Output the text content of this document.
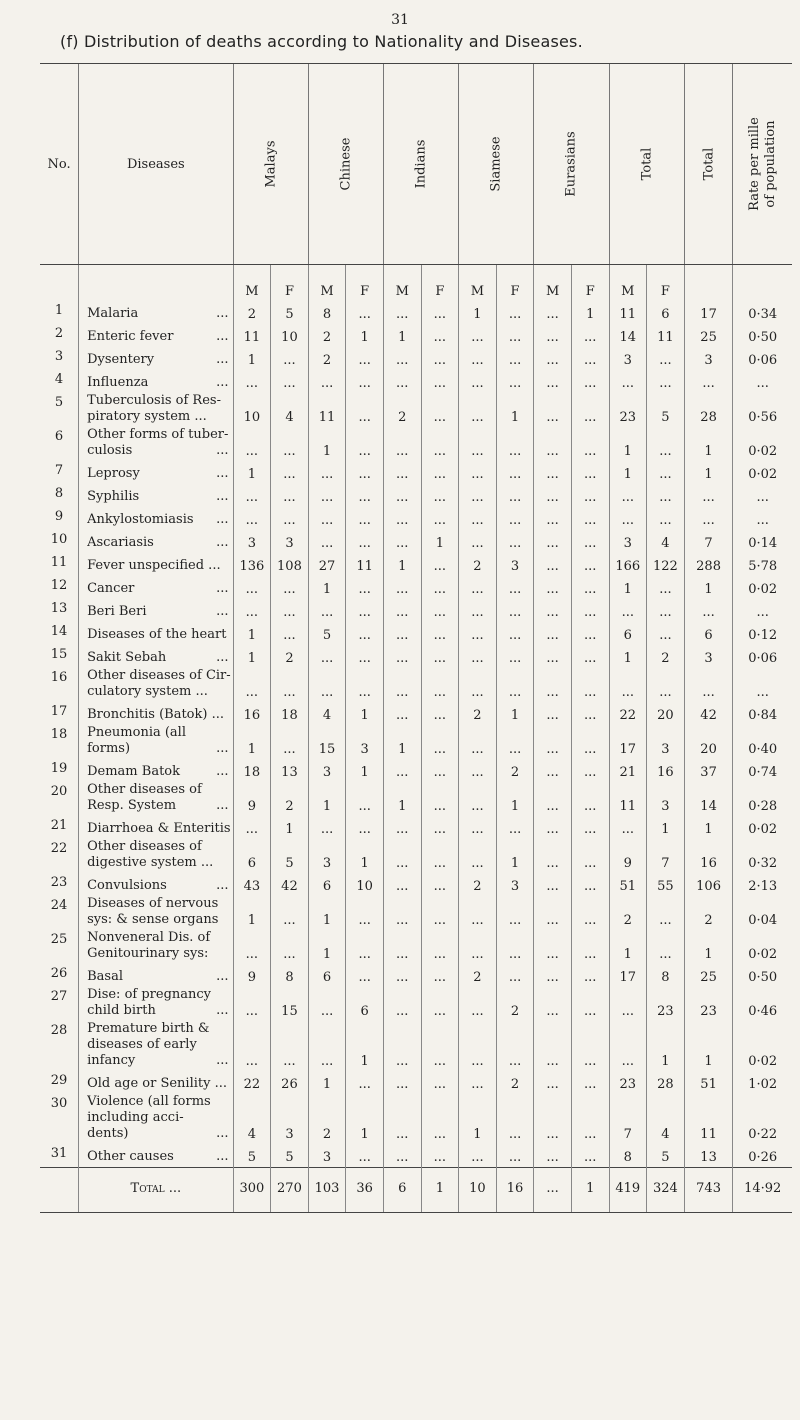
31
(f) Distribution of deaths according to Nationality and Diseases.
No.	Diseases	Malays		Chinese		Indians		Siamese		Eurasians		Total		Total	Rate per mille
of population

		M	F	M	F	M	F	M	F	M	F	M	F		
1	Malaria ...	2	5	8	...	...	...	1	...	...	1	11	6	17	0·34
2	Enteric fever ...	11	10	2	1	1	...	...	...	...	...	14	11	25	0·50
3	Dysentery ...	1	...	2	...	...	...	...	...	...	...	3	...	3	0·06
4	Influenza ...	...	...	...	...	...	...	...	...	...	...	...	...	...	...
5	Tuberculosis of Res-
piratory system ...	10	4	11	...	2	...	...	1	...	...	23	5	28	0·56
6	Other forms of tuber-
culosis ...	...	...	1	...	...	...	...	...	...	...	1	...	1	0·02
7	Leprosy ...	1	...	...	...	...	...	...	...	...	...	1	...	1	0·02
8	Syphilis ...	...	...	...	...	...	...	...	...	...	...	...	...	...	...
9	Ankylostomiasis ...	...	...	...	...	...	...	...	...	...	...	...	...	...	...
10	Ascariasis ...	3	3	...	...	...	1	...	...	...	...	3	4	7	0·14
11	Fever unspecified ...	136	108	27	11	1	...	2	3	...	...	166	122	288	5·78
12	Cancer ...	...	...	1	...	...	...	...	...	...	...	1	...	1	0·02
13	Beri Beri ...	...	...	...	...	...	...	...	...	...	...	...	...	...	...
14	Diseases of the heart	1	...	5	...	...	...	...	...	...	...	6	...	6	0·12
15	Sakit Sebah ...	1	2	...	...	...	...	...	...	...	...	1	2	3	0·06
16	Other diseases of Cir-
culatory system ...	...	...	...	...	...	...	...	...	...	...	...	...	...	...
17	Bronchitis (Batok) ...	16	18	4	1	...	...	2	1	...	...	22	20	42	0·84
18	Pneumonia (all
forms) ...	1	...	15	3	1	...	...	...	...	...	17	3	20	0·40
19	Demam Batok ...	18	13	3	1	...	...	...	2	...	...	21	16	37	0·74
20	Other diseases of
Resp. System ...	9	2	1	...	1	...	...	1	...	...	11	3	14	0·28
21	Diarrhoea & Enteritis	...	1	...	...	...	...	...	...	...	...	...	1	1	0·02
22	Other diseases of
digestive system ...	6	5	3	1	...	...	...	1	...	...	9	7	16	0·32
23	Convulsions ...	43	42	6	10	...	...	2	3	...	...	51	55	106	2·13
24	Diseases of nervous
sys: & sense organs	1	...	1	...	...	...	...	...	...	...	2	...	2	0·04
25	Nonveneral Dis. of
Genitourinary sys:	...	...	1	...	...	...	...	...	...	...	1	...	1	0·02
26	Basal ...	9	8	6	...	...	...	2	...	...	...	17	8	25	0·50
27	Dise: of pregnancy
child birth ...	...	15	...	6	...	...	...	2	...	...	...	23	23	0·46
28	Premature birth &
diseases of early
infancy ...	...	...	...	1	...	...	...	...	...	...	...	1	1	0·02
29	Old age or Senility ...	22	26	1	...	...	...	...	2	...	...	23	28	51	1·02
30	Violence (all forms
including acci-
dents) ...	4	3	2	1	...	...	1	...	...	...	7	4	11	0·22
31	Other causes ...	5	5	3	...	...	...	...	...	...	...	8	5	13	0·26
	Total ...	300	270	103	36	6	1	10	16	...	1	419	324	743	14·92
